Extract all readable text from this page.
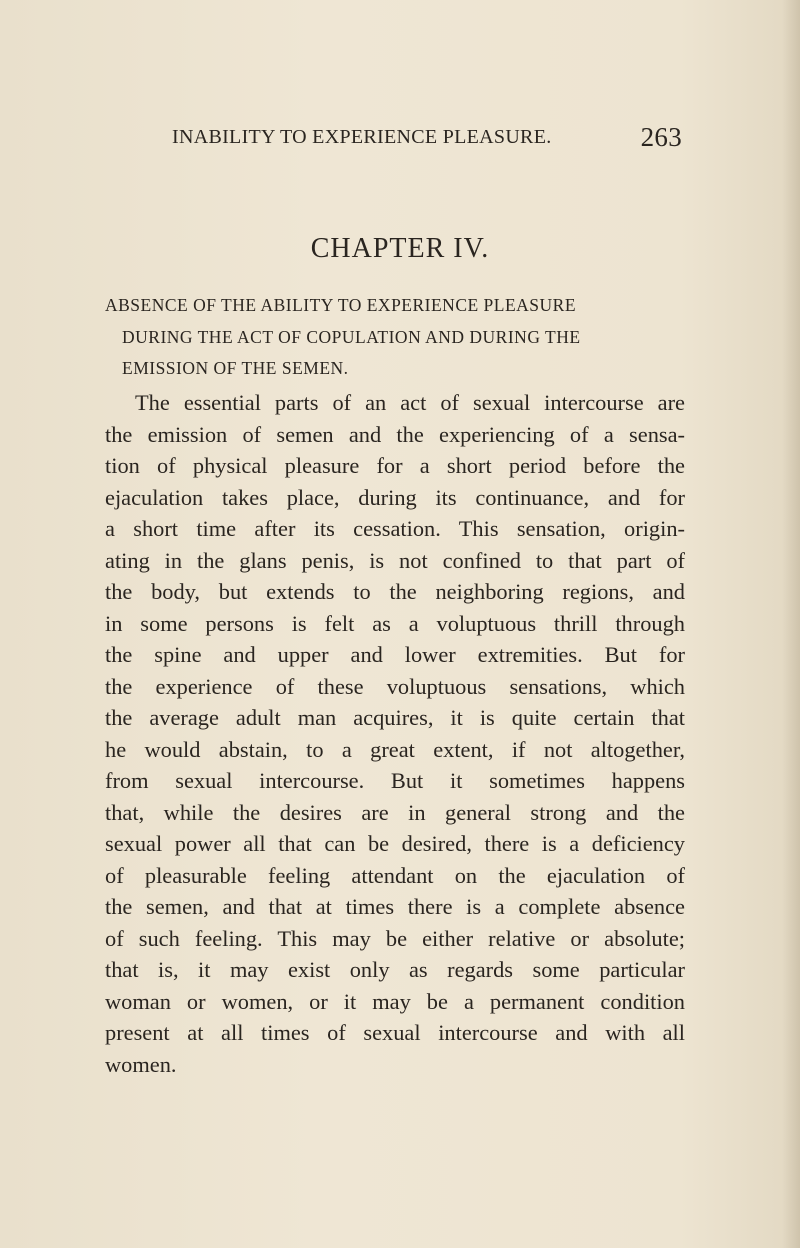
INABILITY TO EXPERIENCE PLEASURE.	263
CHAPTER IV.
ABSENCE OF THE ABILITY TO EXPERIENCE PLEASURE
DURING THE ACT OF COPULATION AND DURING THE
EMISSION OF THE SEMEN.
The essential parts of an act of sexual intercourse are
the emission of semen and the experiencing of a sensa-
tion of physical pleasure for a short period before the
ejaculation takes place, during its continuance, and for
a short time after its cessation. This sensation, origin-
ating in the glans penis, is not confined to that part of
the body, but extends to the neighboring regions, and
in some persons is felt as a voluptuous thrill through
the spine and upper and lower extremities. But for
the experience of these voluptuous sensations, which
the average adult man acquires, it is quite certain that
he would abstain, to a great extent, if not altogether,
from sexual intercourse. But it sometimes happens
that, while the desires are in general strong and the
sexual power all that can be desired, there is a deficiency
of pleasurable feeling attendant on the ejaculation of
the semen, and that at times there is a complete absence
of such feeling. This may be either relative or absolute;
that is, it may exist only as regards some particular
woman or women, or it may be a permanent condition
present at all times of sexual intercourse and with all
women.
